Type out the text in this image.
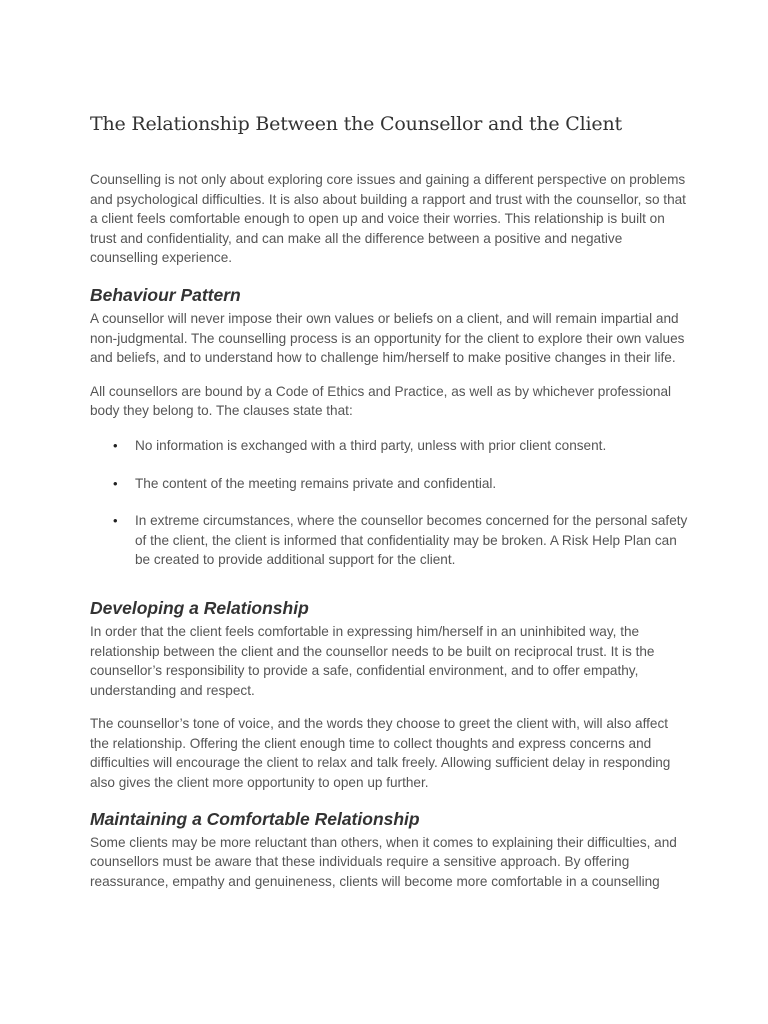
The Relationship Between the Counsellor and the Client

Counselling is not only about exploring core issues and gaining a different perspective on problems and psychological difficulties. It is also about building a rapport and trust with the counsellor, so that a client feels comfortable enough to open up and voice their worries. This relationship is built on trust and confidentiality, and can make all the difference between a positive and negative counselling experience.

Behaviour Pattern

A counsellor will never impose their own values or beliefs on a client, and will remain impartial and non-judgmental. The counselling process is an opportunity for the client to explore their own values and beliefs, and to understand how to challenge him/herself to make positive changes in their life.

All counsellors are bound by a Code of Ethics and Practice, as well as by whichever professional body they belong to. The clauses state that:

• No information is exchanged with a third party, unless with prior client consent.
• The content of the meeting remains private and confidential.
• In extreme circumstances, where the counsellor becomes concerned for the personal safety of the client, the client is informed that confidentiality may be broken. A Risk Help Plan can be created to provide additional support for the client.
Developing a Relationship

In order that the client feels comfortable in expressing him/herself in an uninhibited way, the relationship between the client and the counsellor needs to be built on reciprocal trust. It is the counsellor’s responsibility to provide a safe, confidential environment, and to offer empathy, understanding and respect.

The counsellor’s tone of voice, and the words they choose to greet the client with, will also affect the relationship. Offering the client enough time to collect thoughts and express concerns and difficulties will encourage the client to relax and talk freely. Allowing sufficient delay in responding also gives the client more opportunity to open up further.

Maintaining a Comfortable Relationship

Some clients may be more reluctant than others, when it comes to explaining their difficulties, and counsellors must be aware that these individuals require a sensitive approach. By offering reassurance, empathy and genuineness, clients will become more comfortable in a counselling
